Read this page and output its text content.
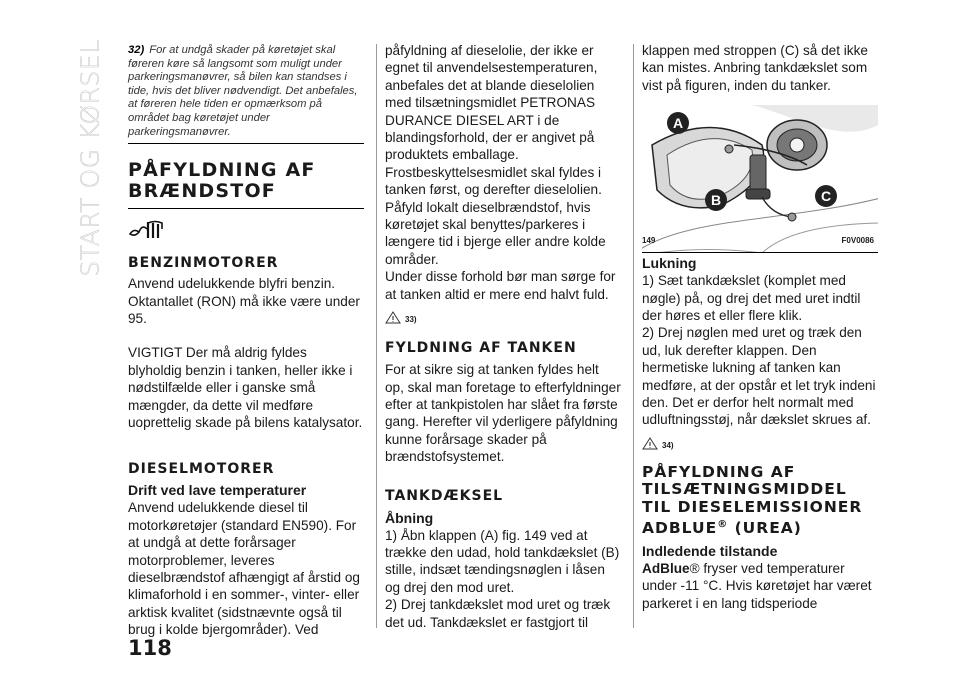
START OG KØRSEL 32) For at undgå skader på køretøjet skal føreren køre så langsomt som muligt under parkeringsmanøvrer, så bilen kan standses i tide, hvis det bliver nødvendigt. Det anbefales, at føreren hele tiden er opmærksom på området bag køretøjet under parkeringsmanøvrer.
PÅFYLDNING AF
BRÆNDSTOF
BENZINMOTORER

Anvend udelukkende blyfri benzin. Oktantallet (RON) må ikke være under 95.

VIGTIGT Der må aldrig fyldes blyholdig benzin i tanken, heller ikke i nødstilfælde eller i ganske små mængder, da dette vil medføre uoprettelig skade på bilens katalysator.

DIESELMOTORER
Drift ved lave temperaturer

Anvend udelukkende diesel til motorkøretøjer (standard EN590). For at undgå at dette forårsager motorproblemer, leveres dieselbrændstof afhængigt af årstid og klimaforhold i en sommer-, vinter- eller arktisk kvalitet (sidstnævnte også til brug i kolde bjergområder). Ved

påfyldning af dieselolie, der ikke er egnet til anvendelsestemperaturen, anbefales det at blande dieselolien med tilsætningsmidlet PETRONAS DURANCE DIESEL ART i de blandingsforhold, der er angivet på produktets emballage. Frostbeskyttelsesmidlet skal fyldes i tanken først, og derefter dieselolien. Påfyld lokalt dieselbrændstof, hvis køretøjet skal benyttes/parkeres i længere tid i bjerge eller andre kolde områder.

Under disse forhold bør man sørge for at tanken altid er mere end halvt fuld.

33)
FYLDNING AF TANKEN

For at sikre sig at tanken fyldes helt op, skal man foretage to efterfyldninger efter at tankpistolen har slået fra første gang. Herefter vil yderligere påfyldning kunne forårsage skader på brændstofsystemet.

TANKDÆKSEL
Åbning

1) Åbn klappen (A) fig. 149 ved at trække den udad, hold tankdækslet (B) stille, indsæt tændingsnøglen i låsen og drej den mod uret.

2) Drej tankdækslet mod uret og træk det ud. Tankdækslet er fastgjort til

klappen med stroppen (C) så det ikke kan mistes. Anbring tankdækslet som vist på figuren, inden du tanker.

A
B	C
149	F0V0086
Lukning

1) Sæt tankdækslet (komplet med nøgle) på, og drej det med uret indtil der høres et eller flere klik.

2) Drej nøglen med uret og træk den ud, luk derefter klappen. Den hermetiske lukning af tanken kan medføre, at der opstår et let tryk indeni den. Det er derfor helt normalt med udluftningsstøj, når dækslet skrues af.

34)
PÅFYLDNING AF
TILSÆTNINGSMIDDEL
TIL DIESELEMISSIONER
ADBLUE® (UREA)
Indledende tilstande

AdBlue® fryser ved temperaturer under -11 °C. Hvis køretøjet har været parkeret i en lang tidsperiode

118
